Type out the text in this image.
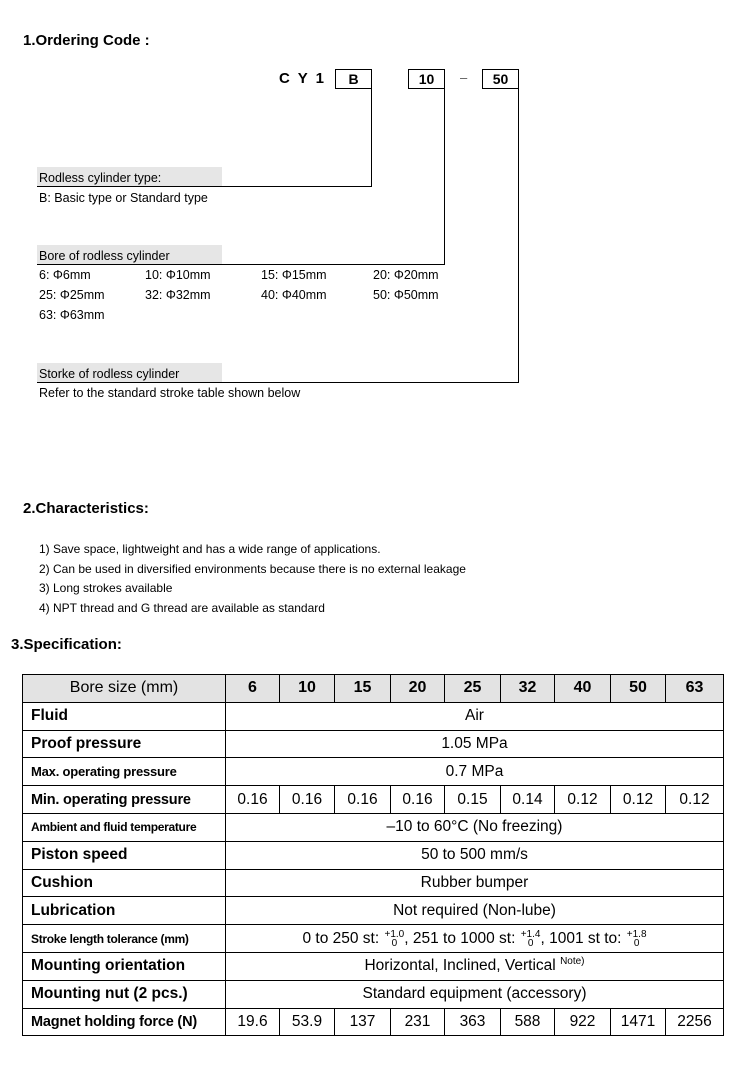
1.Ordering Code :
C Y 1	B	10	–	50
Rodless cylinder type:
B: Basic type or Standard type
Bore of rodless cylinder
6: Φ6mm	10: Φ10mm	15: Φ15mm	20: Φ20mm
25: Φ25mm	32: Φ32mm	40: Φ40mm	50: Φ50mm
63: Φ63mm
Storke of rodless cylinder
Refer to the standard stroke table shown below
2.Characteristics:
1) Save space, lightweight and has a wide range of applications.
2) Can be used in diversified environments because there is no external leakage
3) Long strokes available
4) NPT thread and G thread are available as standard
3.Specification:
Bore size (mm)	6	10	15	20	25	32	40	50	63
Fluid	Air								
Proof pressure	1.05 MPa								
Max. operating pressure	0.7 MPa								
Min. operating pressure	0.16	0.16	0.16	0.16	0.15	0.14	0.12	0.12	0.12
Ambient and fluid temperature	–10 to 60°C (No freezing)								
Piston speed	50 to 500 mm/s								
Cushion	Rubber bumper								
Lubrication	Not required (Non-lube)								
Stroke length tolerance (mm)	0 to 250 st: +1.0
0 , 251 to 1000 st: +1.4
0 , 1001 st to: +1.8
0								
Mounting orientation	Horizontal, Inclined, Vertical $^{Note)}$
Mounting nut (2 pcs.)	Standard equipment (accessory)								
Magnet holding force (N)	19.6	53.9	137	231	363	588	922	1471	2256
